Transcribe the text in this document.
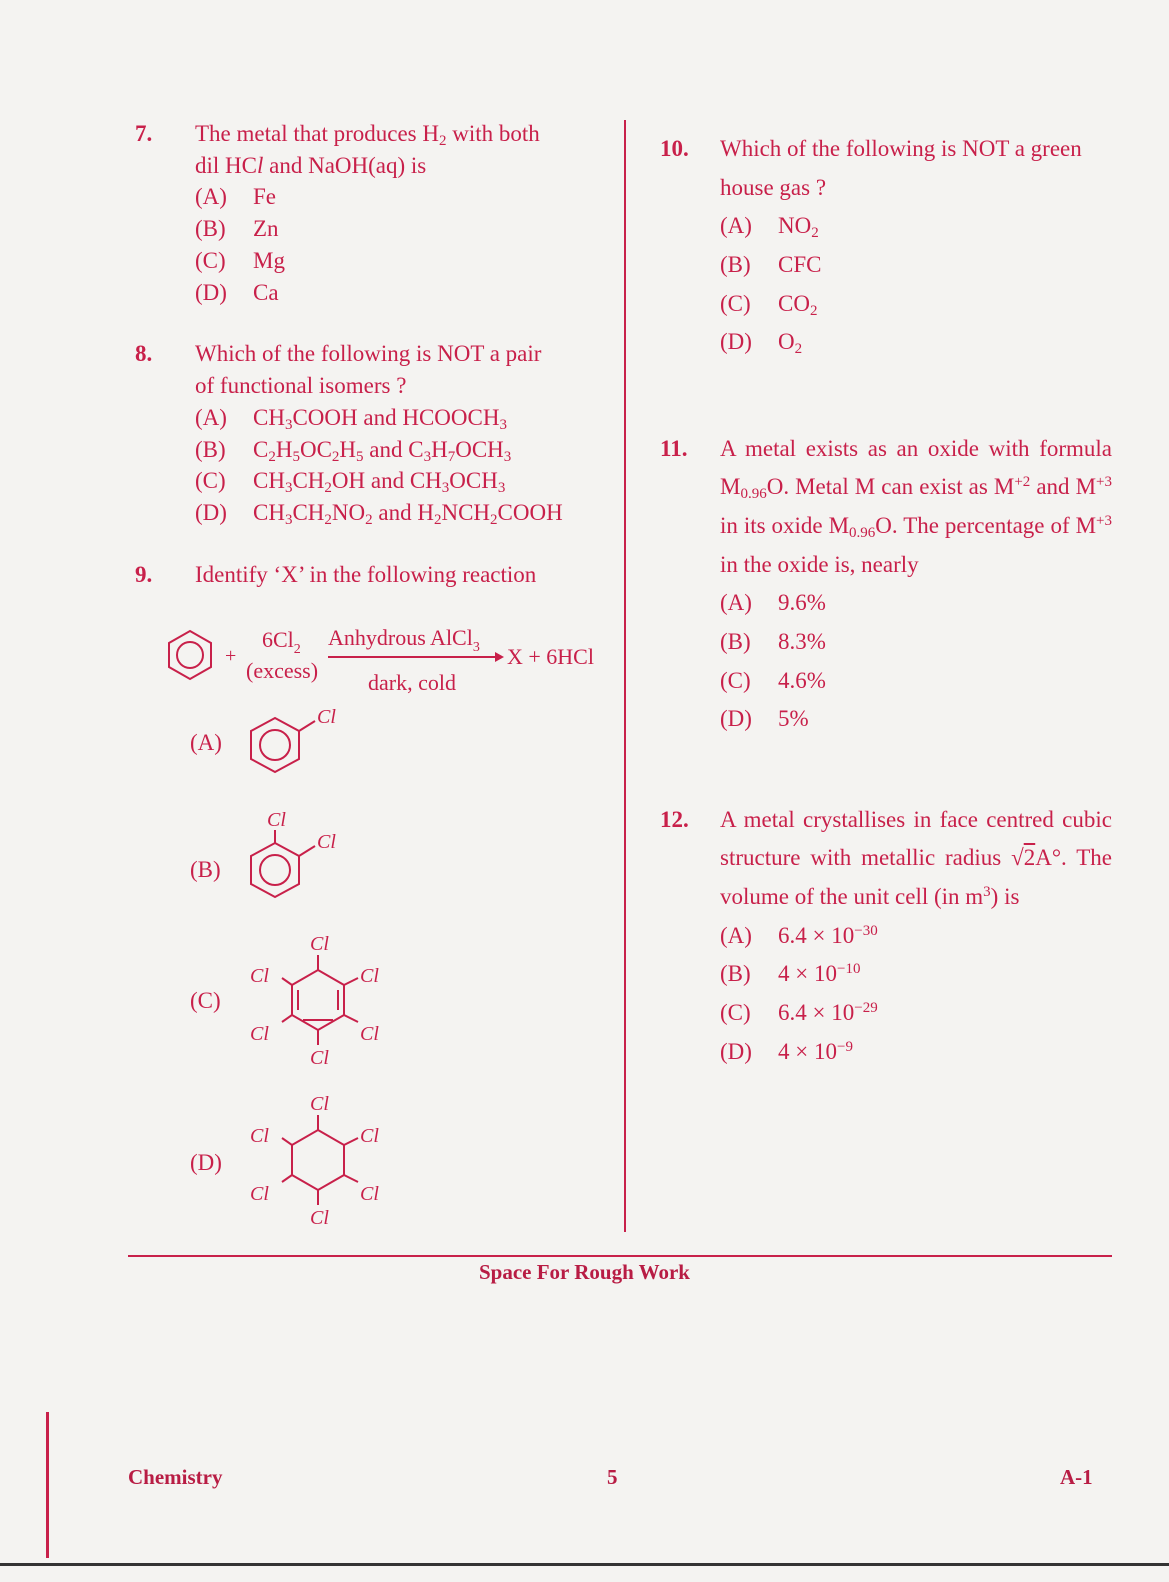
7. The metal that produces $H_2$ with both
dil HCl and NaOH(aq) is
(A) Fe
(B) Zn
(C) Mg
(D) Ca
8. Which of the following is NOT a pair
of functional isomers ?
(A) $CH_3COOH$ and $HCOOCH_3$
(B) $C_2H_5OC_2H_5$ and $C_3H_7OCH_3$
(C) $CH_3CH_2OH$ and $CH_3OCH_3$
(D) $CH_3CH_2NO_2$ and $H_2NCH_2COOH$
9. Identify ‘X’ in the following reaction
+
$6Cl_2$
(excess)
Anhydrous AlCl$_3$
dark, cold
X + 6HCl
(A)
Cl
(B)
Cl
Cl
(C)
Cl
Cl
Cl
Cl
Cl
Cl
(D)
Cl
Cl
Cl
Cl
Cl
Cl
10. Which of the following is NOT a green
house gas ?
(A) $NO_2$
(B) CFC
(C) $CO_2$
(D) $O_2$
11. A metal exists as an oxide with formula $M_{0.96}O$. Metal M can exist as $M^{+2}$ and $M^{+3}$ in its oxide $M_{0.96}O$. The percentage of $M^{+3}$ in the oxide is, nearly
(A) 9.6%
(B) 8.3%
(C) 4.6%
(D) 5%
12. A metal crystallises in face centred cubic structure with metallic radius √2A°. The volume of the unit cell (in $m^3$) is
(A) $6.4 \times 10^{-30}$
(B) $4 \times 10^{-10}$
(C) $6.4 \times 10^{-29}$
(D) $4 \times 10^{-9}$
Space For Rough Work
Chemistry	5	A-1
